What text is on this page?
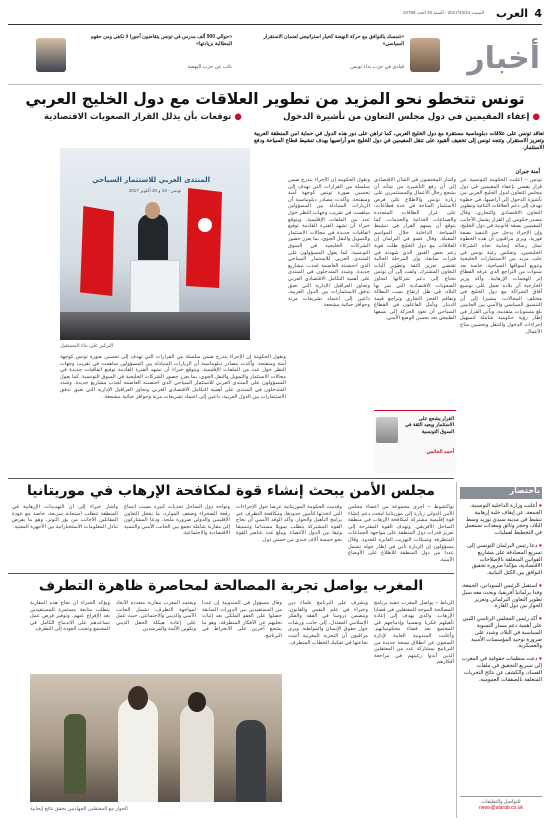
العرب 4
السبت 2017/10/21 - السنة 40 العدد 10786
أخبار
«نتمسك بالتوافق مع حركة النهضة كخيار استراتيجي لضمان الاستقرار السياسي»
قيادي في حزب نداء تونس
«حوالي 900 ألف مدرس في تونس يتقاضون أجورا لا تكفي ومن حقهم المطالبة بزيادتها»
نائب عن حزب النهضة
تونس تتخطو نحو المزيد من تطوير العلاقات مع دول الخليج العربي
● إعفاء المقيمين في دول مجلس التعاون من تأشيرة الدخول
● توقعات بأن يذلل القرار الصعوبات الاقتصادية
تعاقد تونس على علاقات دبلوماسية مستقرة مع دول الخليج العربي، كما تراهن على دور هذه الدول في حماية أمن المنطقة العربية وتعزيز الاستقرار. وتتجه تونس إلى تخفيف القيود على تنقل المقيمين في دول الخليج نحو أراضيها بهدف تنشيط قطاع السياحة ودفع الاستثمار.
أمنة جبران
تونس – أعلنت الحكومة التونسية عن قرار يقضي بإعفاء المقيمين في دول مجلس التعاون لدول الخليج العربي من تأشيرة الدخول إلى أراضيها، في خطوة تهدف إلى دعم العلاقات الثنائية وتطوير التعاون الاقتصادي والتجاري. وقال مصدر حكومي إن القرار يشمل الأجانب المقيمين بصفة قانونية في دول الخليج، وإن الإجراء يدخل حيز التنفيذ بصفة فورية. ويرى مراقبون أن هذه الخطوة تمثل رسالة إيجابية تجاه الشركاء الخليجيين، وتعكس رغبة تونس في جلب مزيد من الاستثمارات الخليجية وتنويع أسواقها السياحية، خاصة بعد سنوات من التراجع الذي عرفه القطاع إثر الهجمات الإرهابية. وأكد وزير الخارجية أن بلاده تعمل على توسيع آفاق الشراكة مع دول الخليج في مختلف المجالات، مشيرا إلى أن التنسيق السياسي والأمني بين الجانبين بلغ مستويات متقدمة. ويأتي القرار في إطار رؤية حكومية شاملة لتسهيل إجراءات الدخول والتنقل وتحسين مناخ الأعمال.
وأشار المختصون في الشأن الاقتصادي إلى أن رفع التأشيرة من شأنه أن يشجع رجال الأعمال والمستثمرين على زيارة تونس والاطلاع على فرص الاستثمار المتاحة في عدة قطاعات، على غرار الطاقات المتجددة والصناعات الغذائية والخدمات. كما يتوقع أن يسهم القرار في تنشيط السياحة الداخلية خلال المواسم المقبلة. وقال عضو في البرلمان إن العلاقات مع دول الخليج ظلت قوية رغم بعض الفتور الذي شهدته في فترات سابقة، وإن المرحلة الحالية تقتضي تعزيز الثقة وتطوير آليات التعاون المشترك. ولفت إلى أن تونس تحتاج إلى دعم شركائها لتجاوز الصعوبات الاقتصادية التي تمر بها البلاد، في ظل ارتفاع نسب البطالة وتفاقم العجز التجاري وتراجع قيمة الدينار. ويأمل الفاعلون في القطاع السياحي أن تعود الحركة إلى نسقها الطبيعي بعد تحسن الوضع الأمني.
وتقول الحكومة إن الإجراء يندرج ضمن سلسلة من القرارات التي تهدف إلى تحسين صورة تونس كوجهة آمنة ومنفتحة. وأكدت مصادر دبلوماسية أن الزيارات المتبادلة بين المسؤولين ساهمت في تقريب وجهات النظر حول عدد من الملفات الإقليمية. ويتوقع خبراء أن تشهد الفترة القادمة توقيع اتفاقيات جديدة في مجالات الاستثمار والتمويل والنقل الجوي، بما يعزز حضور الشركات الخليجية في السوق التونسية. كما يعول المسؤولون على المنتدى العربي للاستثمار السياحي الذي احتضنته العاصمة لجذب مشاريع جديدة. وشدد المتدخلون في المنتدى على أهمية التكامل الاقتصادي العربي وتجاوز العراقيل الإدارية التي تعيق تدفق الاستثمارات بين الدول العربية، داعين إلى اعتماد تشريعات مرنة وحوافز جبائية مشجعة.
القرار يشجع على الاستثمار ويعيد الثقة في السوق التونسية
أحمد الحاتمي
المنتدى العربي للاستثمار السياحي
تونس - 19 و 20 أكتوبر 2017
التركيز على بناء المستقبل
وتقول الحكومة إن الإجراء يندرج ضمن سلسلة من القرارات التي تهدف إلى تحسين صورة تونس كوجهة آمنة ومنفتحة. وأكدت مصادر دبلوماسية أن الزيارات المتبادلة بين المسؤولين ساهمت في تقريب وجهات النظر حول عدد من الملفات الإقليمية. ويتوقع خبراء أن تشهد الفترة القادمة توقيع اتفاقيات جديدة في مجالات الاستثمار والتمويل والنقل الجوي، بما يعزز حضور الشركات الخليجية في السوق التونسية. كما يعول المسؤولون على المنتدى العربي للاستثمار السياحي الذي احتضنته العاصمة لجذب مشاريع جديدة. وشدد المتدخلون في المنتدى على أهمية التكامل الاقتصادي العربي وتجاوز العراقيل الإدارية التي تعيق تدفق الاستثمارات بين الدول العربية، داعين إلى اعتماد تشريعات مرنة وحوافز جبائية مشجعة.
باختصار
● أعلنت وزارة الداخلية التونسية، الجمعة، عن إيقاف خلية إرهابية تنشط في مدينة سيدي بوزيد وسط البلاد، وحجز وثائق ومعدات تستعمل في التخطيط لعمليات.
● دعا رئيس البرلمان التونسي إلى تسريع المصادقة على مشاريع القوانين المتعلقة بالإصلاحات الاقتصادية، مؤكدا ضرورة تحقيق التوافق بين الكتل النيابية.
● استقبل الرئيس السوداني، الجمعة، وفدا برلمانيا أفريقيا، وبحث معه سبل تطوير التعاون البرلماني وتعزيز الحوار بين دول القارة.
● أكد رئيس المجلس الرئاسي الليبي على أهمية دعم مسار التسوية السياسية في البلاد، وشدد على ضرورة توحيد المؤسسات الأمنية والعسكرية.
● دعت منظمات حقوقية في المغرب إلى تسريع التحقيق في ملفات الفساد، والكشف عن نتائج التحريات المتعلقة بالصفقات العمومية.
للتواصل والتعليقات
news@alarab.co.uk
مجلس الأمن يبحث إنشاء قوة لمكافحة الإرهاب في موريتانيا
نواكشوط – أجرى مجموعة من أعضاء مجلس الأمن الدولي زيارة إلى موريتانيا لبحث دعم إنشاء قوة إقليمية مشتركة لمكافحة الإرهاب في منطقة الساحل الأفريقي. وتهدف القوة المقترحة إلى تعزيز قدرات دول المنطقة على مواجهة الجماعات المتطرفة وشبكات التهريب العابرة للحدود. وقال مسؤولون إن الزيارة تأتي في إطار جولة تشمل عددا من دول المنطقة للاطلاع على الأوضاع الأمنية.
وقدمت الحكومة الموريتانية عرضا حول الإجراءات التي اتخذتها لتأمين حدودها، ومكافحة التطرف عبر برامج التأهيل والحوار. وأكد الوفد الأممي أن نجاح القوة المشتركة يتطلب تمويلا مستداما وتنسيقا وثيقا بين الدول الأعضاء. ويبلغ عدد عناصر القوة نحو خمسة آلاف جندي من خمس دول.
وتواجه دول الساحل تحديات كبيرة بسبب اتساع رقعة الصحراء وضعف الموارد، ما يجعل التعاون الإقليمي والدولي ضرورة ملحة. ودعا المشاركون إلى مقاربة شاملة تجمع بين الجانب الأمني والتنمية الاقتصادية والاجتماعية.
وأشار خبراء إلى أن التهديدات الإرهابية في المنطقة تتطلب استجابة سريعة، خاصة مع عودة المقاتلين الأجانب من بؤر التوتر، وهو ما يفرض تبادل المعلومات الاستخباراتية بين الأجهزة المعنية.
المغرب يواصل تجربة المصالحة لمحاصرة ظاهرة التطرف
الرباط – يواصل المغرب تنفيذ برنامج المصالحة الموجه للمعتقلين في قضايا الإرهاب، والذي يهدف إلى إعادة تأهيلهم فكريا ونفسيا وإدماجهم في المجتمع بعد قضاء محكومياتهم. وأعلنت المندوبية العامة لإدارة السجون عن انطلاق نسخة جديدة من البرنامج بمشاركة عدد من المعتقلين الذين أبدوا رغبتهم في مراجعة أفكارهم.
ويشرف على البرنامج علماء دين وخبراء في علم النفس والقانون، ويتضمن دروسا في الفقه والفكر الإسلامي المعتدل، إلى جانب ورشات حول حقوق الإنسان والمواطنة. ويرى مراقبون أن التجربة المغربية أثبتت نجاعتها في تفكيك الخطاب المتطرف.
وقال مسؤول في المندوبية إن عددا من المستفيدين من الدورات السابقة حصلوا على العفو الملكي بعد إثبات تخليهم عن الأفكار المتطرفة، وهو ما يشجع آخرين على الانخراط في البرنامج.
ويعتمد المغرب مقاربة متعددة الأبعاد لمواجهة التطرف، تشمل الجانب الأمني والديني والاجتماعي، حيث عمل على إعادة هيكلة الحقل الديني وتكوين الأئمة والمرشدين.
ويؤكد الخبراء أن نجاح هذه المقاربة يتطلب متابعة مستمرة للمستفيدين بعد الإفراج عنهم، وتوفير فرص عمل تساعدهم على الاندماج الكامل في المجتمع وتجنب العودة إلى التطرف.
الحوار مع المعتقلين الجهاديين يحقق نتائج إيجابية
